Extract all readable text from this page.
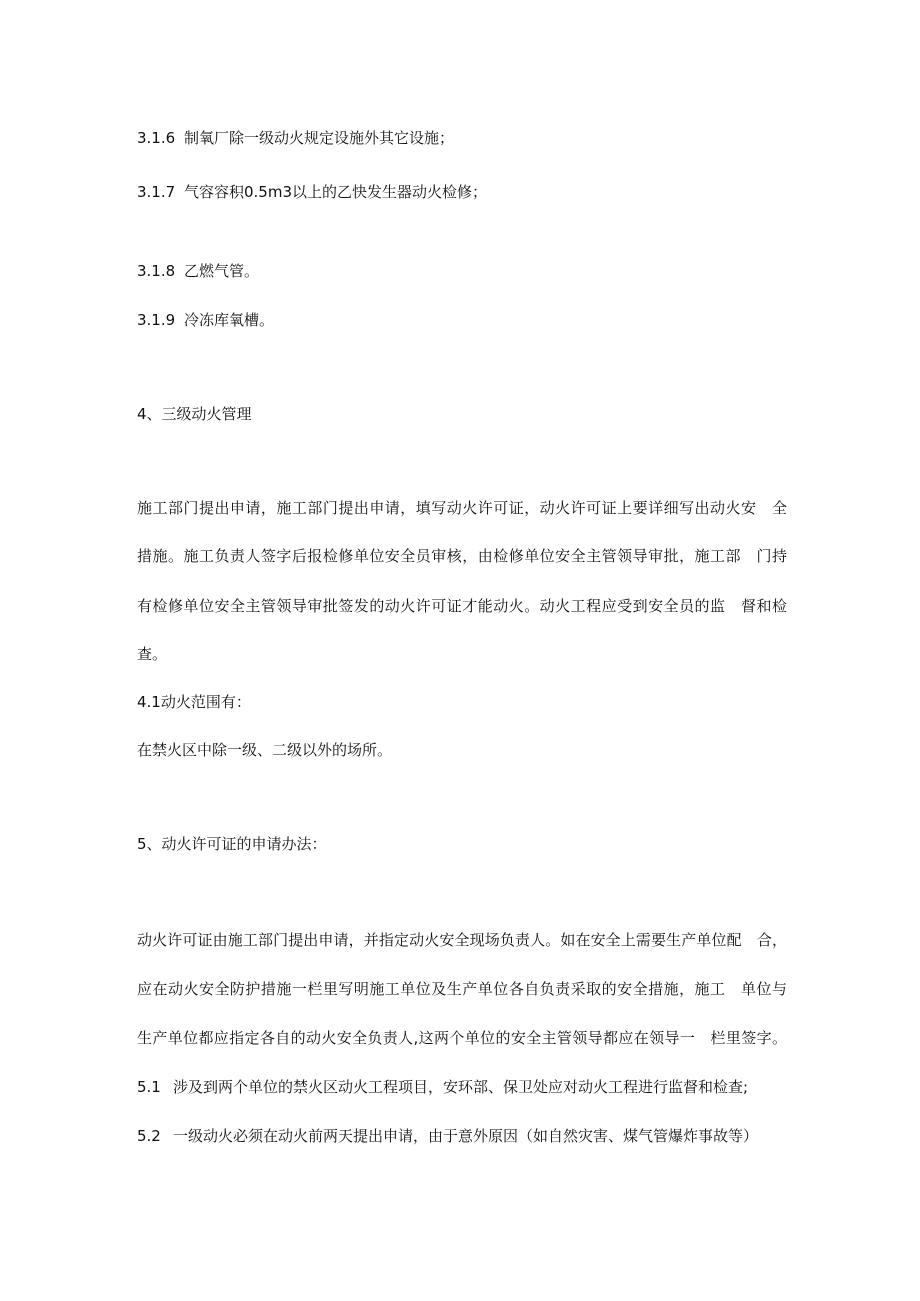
3.1.6 制氧厂除一级动火规定设施外其它设施；

3.1.7 气容容积0.5m3以上的乙快发生器动火检修；

3.1.8 乙燃气管。

3.1.9 冷冻库氧槽。

4、三级动火管理

施工部门提出申请，施工部门提出申请，填写动火许可证，动火许可证上要详细写出动火安　全

措施。施工负责人签字后报检修单位安全员审核，由检修单位安全主管领导审批，施工部　门持

有检修单位安全主管领导审批签发的动火许可证才能动火。动火工程应受到安全员的监　督和检

查。

4.1动火范围有：

在禁火区中除一级、二级以外的场所。

5、动火许可证的申请办法：

动火许可证由施工部门提出申请，并指定动火安全现场负责人。如在安全上需要生产单位配　合，

应在动火安全防护措施一栏里写明施工单位及生产单位各自负责采取的安全措施，施工　单位与

生产单位都应指定各自的动火安全负责人,这两个单位的安全主管领导都应在领导一　栏里签字。

5.1 涉及到两个单位的禁火区动火工程项目，安环部、保卫处应对动火工程进行监督和检查;

5.2 一级动火必须在动火前两天提出申请，由于意外原因（如自然灾害、煤气管爆炸事故等）
